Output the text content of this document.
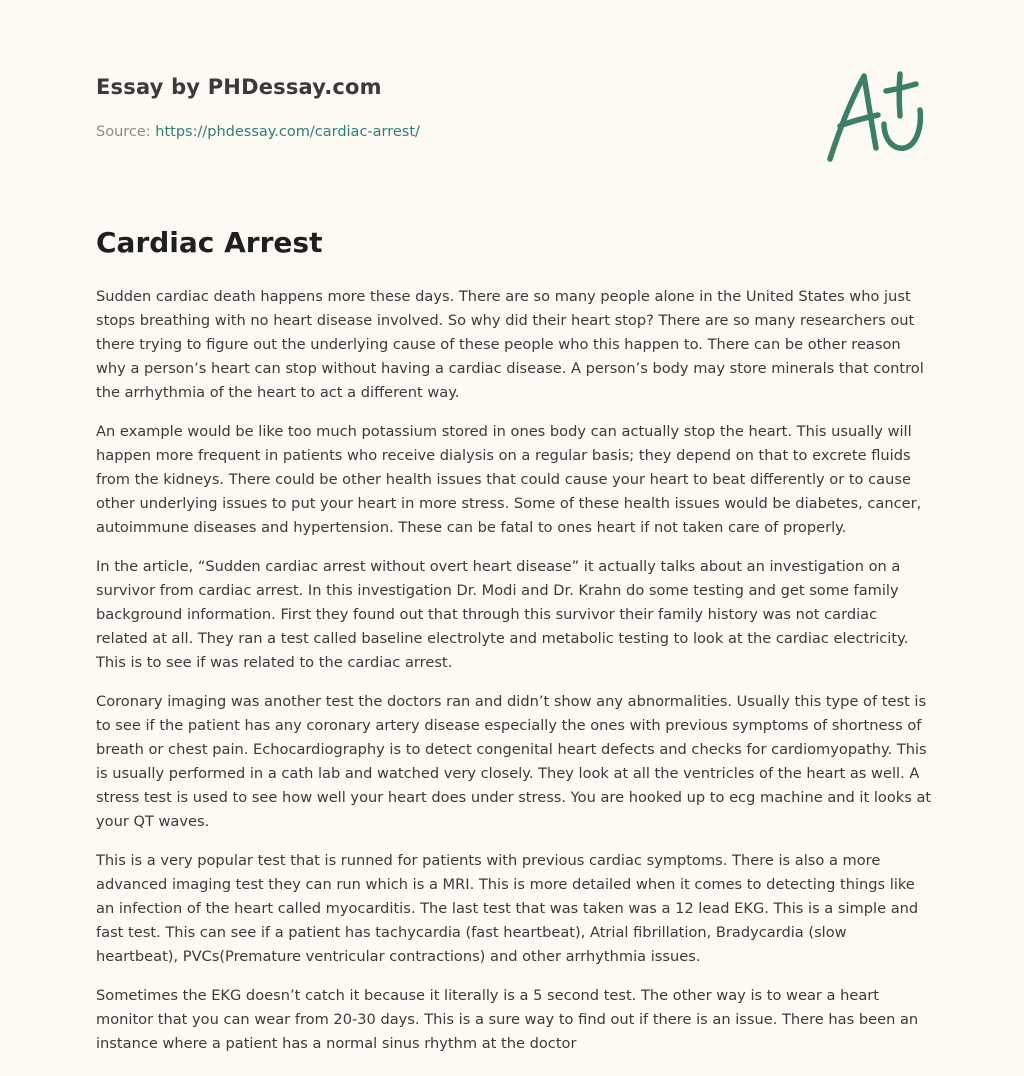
Essay by PHDessay.com
Source: https://phdessay.com/cardiac-arrest/
Cardiac Arrest

Sudden cardiac death happens more these days. There are so many people alone in the United States who just stops breathing with no heart disease involved. So why did their heart stop? There are so many researchers out there trying to figure out the underlying cause of these people who this happen to. There can be other reason why a person’s heart can stop without having a cardiac disease. A person’s body may store minerals that control the arrhythmia of the heart to act a different way.

An example would be like too much potassium stored in ones body can actually stop the heart. This usually will happen more frequent in patients who receive dialysis on a regular basis; they depend on that to excrete fluids from the kidneys. There could be other health issues that could cause your heart to beat differently or to cause other underlying issues to put your heart in more stress. Some of these health issues would be diabetes, cancer, autoimmune diseases and hypertension. These can be fatal to ones heart if not taken care of properly.

In the article, “Sudden cardiac arrest without overt heart disease” it actually talks about an investigation on a survivor from cardiac arrest. In this investigation Dr. Modi and Dr. Krahn do some testing and get some family background information. First they found out that through this survivor their family history was not cardiac related at all. They ran a test called baseline electrolyte and metabolic testing to look at the cardiac electricity. This is to see if was related to the cardiac arrest.

Coronary imaging was another test the doctors ran and didn’t show any abnormalities. Usually this type of test is to see if the patient has any coronary artery disease especially the ones with previous symptoms of shortness of breath or chest pain. Echocardiography is to detect congenital heart defects and checks for cardiomyopathy. This is usually performed in a cath lab and watched very closely. They look at all the ventricles of the heart as well. A stress test is used to see how well your heart does under stress. You are hooked up to ecg machine and it looks at your QT waves.

This is a very popular test that is runned for patients with previous cardiac symptoms. There is also a more advanced imaging test they can run which is a MRI. This is more detailed when it comes to detecting things like an infection of the heart called myocarditis. The last test that was taken was a 12 lead EKG. This is a simple and fast test. This can see if a patient has tachycardia (fast heartbeat), Atrial fibrillation, Bradycardia (slow heartbeat), PVCs(Premature ventricular contractions) and other arrhythmia issues.

Sometimes the EKG doesn’t catch it because it literally is a 5 second test. The other way is to wear a heart monitor that you can wear from 20-30 days. This is a sure way to find out if there is an issue. There has been an instance where a patient has a normal sinus rhythm at the doctor
